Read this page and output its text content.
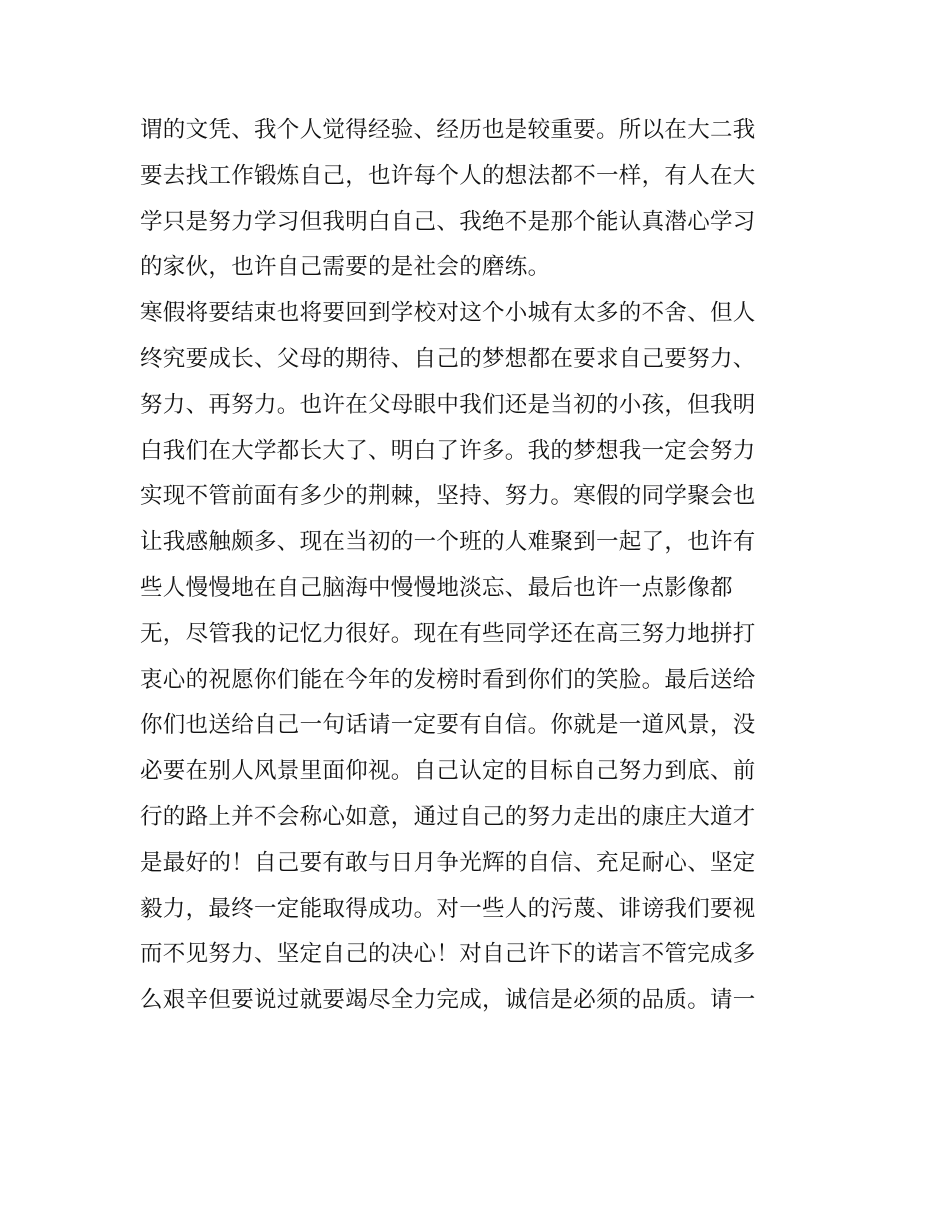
谓的文凭、我个人觉得经验、经历也是较重要。所以在大二我
要去找工作锻炼自己，也许每个人的想法都不一样，有人在大
学只是努力学习但我明白自己、我绝不是那个能认真潜心学习
的家伙，也许自己需要的是社会的磨练。
寒假将要结束也将要回到学校对这个小城有太多的不舍、但人
终究要成长、父母的期待、自己的梦想都在要求自己要努力、
努力、再努力。也许在父母眼中我们还是当初的小孩，但我明
白我们在大学都长大了、明白了许多。我的梦想我一定会努力
实现不管前面有多少的荆棘，坚持、努力。寒假的同学聚会也
让我感触颇多、现在当初的一个班的人难聚到一起了，也许有
些人慢慢地在自己脑海中慢慢地淡忘、最后也许一点影像都
无，尽管我的记忆力很好。现在有些同学还在高三努力地拼打
衷心的祝愿你们能在今年的发榜时看到你们的笑脸。最后送给
你们也送给自己一句话请一定要有自信。你就是一道风景，没
必要在别人风景里面仰视。自己认定的目标自己努力到底、前
行的路上并不会称心如意，通过自己的努力走出的康庄大道才
是最好的！自己要有敢与日月争光辉的自信、充足耐心、坚定
毅力，最终一定能取得成功。对一些人的污蔑、诽谤我们要视
而不见努力、坚定自己的决心！对自己许下的诺言不管完成多
么艰辛但要说过就要竭尽全力完成，诚信是必须的品质。请一
